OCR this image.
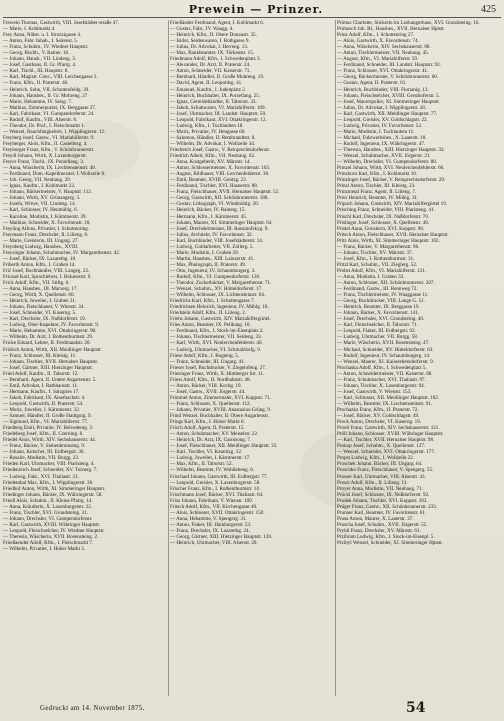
Prewein — Prinzer.	425

Frewein Thomas, Gastwirth, VIII. Josefstädter-straße 47.

— Marie, I. Kohlmarkt 4.

Frey Anna, Nähst. u. I. Strozzigasse 4.

— Anton, Fabr. Inhab., I. Seitenst. 5.

— Franz, Schuhm., IV. Wiedner Hauptstr.

— Georg, Buchb., V. Rainer. 16.

— Johann, Haush., VII. Lindeng. 3.

— Josef, Gasthaus, II. Gr. Pfarrg. 4.

— Karl, Tischl., III. Hauptstr. 8.

— Karl, Magistr. Conc., VIII. Lerchengasse 2.

— Franz, Kfm., II. Praterstr. 46.

— Heinrich, Sohn, VII. Schottenfeldg. 39.

— Johann, Hausbes., II. Gr. Mohreng. 27.

— Marie, Hebamme, IV. Seisg. 7.

— Mathias, Zimmerputzer, IX. Berggasse 27.

— Karl, Fabrikant, VI. Gumpendorferstr. 24.

— Rudolf, Kaufm., VIII. Alserstr. 8.

— Theodor, Dr. Prof., I. Fleischmarkt 1.

— Wenzel, Rauchfangkehrer, I. Wipplingerstr. 12.

Freyberg Josef, Gastw., VI. Mariahilferstr. 9.

Freyberger, Alois, Kfm., II. Castellezg. 4.

Freyburger Franz, Kfm., V. Schönbrunnerstr.

Freydl Johann, Wirth, X. Laxenburgerstr.

Freyer Franz, Tischl., IX. Porzellang. 3.

— Anna, Wäscherin, IX. Liechtensteinstr. 40.

— Ferdinand, Dom.-Kapellmeister, I. Wollzeile 8.

— Joh. Georg, VII. Neubaug. 29.

— Ignaz, Kaufm., I. Kohlmarkt 22.

— Johann, Bäckermeister, V. Hauptstr. 112.

— Johann, Wirth, XV. Grünangerg. 3.

— Josefa, Witwe, VII. Lindeng. 14.

— Karl, Schlosser, IV. Heumühlg. 6.

— Karoline, Modistin, I. Kärntnerstr. 39.

— Mathias, Schneider, X. Favoritenstr. 18.

Freyling Alfons, Privatier, I. Schottenring.

Freymann Franz, Drechsler, II. Lilieng. 8.

— Marie, Greislerin, III. Ungarg. 27.

Freynberg Ludwig, Hausbes., XVIII.

Freysinger Johann, Schuhmacher, IV. Margarethenstr. 42.

— Josef, Bäcker, IX. Lazarethg. 18.

Friberth Anton, Kfm., I. Graben 14.

Frič Josef, Buchhändler, VIII. Langeg. 22.

Fricaud Karl, Sprachlehrer, I. Bräunerstr. 9.

Frick Adolf, Kfm., VII. Stiftg. 6.

— Anna, Hausbes., III. Marxerg. 17.

— Georg, Wirth, X. Quellenstr. 60.

— Heinrich, Juwelier, I. Graben 21.

— Johann, Fleischhauer, V. Wienstr. 34.

— Josef, Schneider, VI. Kaserng. 5.

— Karl, Drechsler, IX. Nußdorferstr. 19.

— Ludwig, Ober-Inspektor, IV. Favoritenstr. 9.

— Marie, Hebamme, XVI. Ottakringerstr. 98.

— Wilhelm, Dr. Arzt, I. Rothenthurmstr. 29.

Fricke Eduard, Lehrer, II. Ferdinandstr. 28.

Fridrich Anton, Wirth, XII. Meidlinger Hauptstr.

— Franz, Schlosser, III. Kleistg. 11.

— Johann, Tischler, XVII. Hernalser Hauptstr.

— Josef, Gärtner, XIII. Hietzinger Hauptstr.

Fried Adolf, Kaufm., II. Taborstr. 12.

— Bernhard, Agent, II. Untere Augartenstr. 5.

— Emil, Advokat, I. Rathhausstr. 11.

— Hermann, Kaufm., I. Salzgries 17.

— Jakob, Fabrikant, IX. Alserbachstr. 4.

— Leopold, Gastwirth, II. Praterstr. 54.

— Moriz, Juwelier, I. Kärntnerstr. 32.

— Samuel, Händler, II. Große Stadtgutg. 9.

— Sigmund, Kfm., VI. Mariahilferstr. 77.

Friedberg Emil, Privatier, IV. Belvedereg. 3.

Friedeberg Josef, Kfm., II. Czerning. 6.

Friedel Alois, Wirth, XIV. Sechshauserstr. 44.

— Franz, Bäcker, V. Siebenbrunneng. 9.

— Johann, Kutscher, III. Erdbergstr. 36.

— Rosalie, Modistin, VII. Burgg. 23.

Frieden Karl, Uhrmacher, VIII. Piaristeng. 4.

Friedenreich Josef, Schneider, XV. Turnerg. 7.

— Ludwig, Fabr., XVI. Thaliastr. 21.

Friedenthal Max, Kfm., I. Wipplingerstr. 30.

Friedhof Anton, Wirth, XI. Simmeringer Hauptstr.

Friedinger Johann, Bäcker, IX. Währingerstr. 58.

Friedl Alois, Schuhm., II. Kleine Pfarrg. 14.

— Anna, Kräutlerin, X. Laxenburgerstr. 22.

— Franz, Tischler, XVI. Grundsteing. 31.

— Johann, Drechsler, VI. Gumpendorferstr.

— Karl, Gastwirth, XVIII. Währinger Hauptstr.

— Leopold, Fleischselcher, IV. Wiedner Hauptstr.

— Theresia, Wäscherin, XVII. Rosensteing. 2.

Friedlaender Adolf, Kfm., I. Fleischmarkt 7.

— Wilhelm, Privatier, I. Hoher Markt 3.

Friedländer Ferdinand, Agent, I. Kohlmarkt 6.

— Gustav, Fabr., IV. Waagg. 4.

— Heinrich, Kfm., II. Obere Donaustr. 35.

— Isidor, Seidenwaren, I. Rothgasse 9.

— Julius, Dr. Advokat, I. Herreng. 13.

— Max, Bankbeamter, IX. Türkenstr. 15.

Friedmann Adolf, Kfm., I. Schwedenplatz 3.

— Alexander, Dr. Arzt, II. Praterstr. 24.

— Anton, Schneider, VII. Kaiserstr. 71.

— Bernhard, Händler, II. Große Mohreng. 19.

— David, Agent, II. Leopoldsg. 41.

— Emanuel, Kaufm., I. Judenplatz 2.

— Heinrich, Buchhalter, IX. Porzellang. 25.

— Ignaz, Getreidehändler, II. Taborstr. 33.

— Jakob, Schuhwaren, VI. Mariahilferstr. 109.

— Josef, Uhrmacher, III. Landstr. Hauptstr. 50.

— Leopold, Fabrikant, XVI. Ottakringerstr. 12.

— Ludwig, Kfm., I. Tuchlauben 18.

— Moriz, Privatier, IV. Heugasse 60.

— Salomon, Händler, II. Rembrandtstr. 8.

— Wilhelm, Dr. Advokat, I. Wollzeile 34.

Friedreich Josef, Gastw., V. Reinprechtsdorferstr.

Friedrich Albert, Kfm., VII. Neubaug. 62.

— Anna, Kostgeberin, XV. Märzstr. 14.

— Anton, Schlossermeister, X. Favoritenstr. 103.

— August, Bildhauer, VIII. Lerchenfelderstr. 36.

— Emil, Beamter, XVIII. Gentzg. 22.

— Ferdinand, Tischler, XVI. Hasnerstr. 88.

— Franz, Fleischhauer, XVII. Hernalser Hauptstr. 52.

— Georg, Gastwirth, XII. Schönbrunnerstr. 188.

— Gustav, Lithograph, VI. Windmühlg. 20.

— Heinrich, Bäcker, IV. Rainerg. 15.

— Hermann, Kfm., I. Kärntnerstr. 45.

— Johann, Maurer, XI. Simmeringer Hauptstr. 64.

— Josef, Drechslermeister, III. Rasumofskyg. 9.

— Julius, Architekt, IV. Favoritenstr. 32.

— Karl, Buchbinder, VIII. Josefstädterstr. 14.

— Ludwig, Goldarbeiter, VII. Zollerg. 5.

— Marie, Modistin, I. Graben 29.

— Martin, Hausbes., XIII. Lainzerstr. 41.

— Max, Photograph, II. Praterstr. 49.

— Otto, Ingenieur, IV. Schaumburgerg. 3.

— Rudolf, Kfm., VI. Gumpendorferstr. 120.

— Theodor, Zuckerbäcker, V. Margarethenstr. 71.

— Wenzel, Schuhm., XV. Hütteldorferstr. 17.

— Wilhelm, Schlosser, IX. Lichtensteinstr. 64.

Friedrichs Karl, Kfm., I. Schottengasse 7.

Friedrichsen Heinrich, Ingenieur, IV. Mühlg. 18.

Friedstein Adolf, Kfm., II. Lilieng. 2.

Friehs Johann, Gastwirth, XIV. Mariahilfergürtel.

Fries Anton, Beamter, IX. Pelikang. 10.

— Ferdinand, Kfm., I. Stock-im-Eisenplatz 2.

— Johann, Tischlermeister, VII. Seideng. 33.

— Karl, Wirth, XVI. Neulerchenfelderstr. 40.

— Ludwig, Uhrmacher, VI. Schmalzhofg. 9.

Friese Adolf, Kfm., I. Bognerg. 5.

— Franz, Schneider, III. Ungarg. 41.

Frieser Josef, Buchdrucker, V. Ziegelofeng. 27.

Friesinger Franz, Wirth, X. Himberger Str. 11.

Friess Adolf, Kfm., II. Nordbahnstr. 48.

— Anton, Bäcker, VIII. Kochg. 19.

— Josef, Gastw., XVII. Jörgerstr. 44.

Frimmel Anton, Zimmermaler, XVI. Koppstr. 71.

— Franz, Schlosser, X. Quellenstr. 112.

— Johann, Privatier, XVIII. Anastasius-Grüng. 9.

Frind Wenzel, Buchhalter, II. Obere Augartenstr.

Frings Karl, Kfm., I. Hoher Markt 8.

Frisch Adolf, Agent, II. Praterstr. 15.

— Anton, Schuhmacher, XV. Meiselstr. 22.

— Heinrich, Dr. Arzt, IX. Garnisong. 7.

— Josef, Fleischhauer, XII. Meidlinger Hauptstr. 33.

— Karl, Tischler, VI. Kaunitzg. 12.

— Ludwig, Juwelier, I. Kärntnerstr. 17.

— Max, Kfm., II. Taborstr. 52.

— Wilhelm, Beamter, IV. Wohllebeng. 6.

Frischauf Johann, Gastwirth, III. Erdbergstr. 77.

— Leopold, Greisler, X. Laxenburgerstr. 58.

Frischer Franz, Kfm., I. Rothenthurmstr. 14.

Frischmann Josef, Bäcker, XVI. Thaliastr. 64.

Frisz Johann, Fabrikant, V. Wienstr. 109.

Fritsch Adolf, Kfm., VII. Kirchengasse 40.

— Alois, Schlosser, XVII. Ottakringerstr. 150.

— Anna, Hebamme, V. Spengerg. 31.

— Anton, Fiaker, III. Hainburgerstr. 53.

— Franz, Drechsler, IX. Lazarethg. 24.

— Georg, Gärtner, XIII. Hietzinger Hauptstr. 120.

— Heinrich, Uhrmacher, VIII. Alserstr. 29.

Primus Charlotte, Stickerin im Loshangerhaus, XVI. Grundsteing. 16.

Primusch Joh. Bl., Hausbes., XVII. Hernalser Hptstr.

Prinz Adolf, Kfm., I. Schottenring 27.

— Alois, Gastwirth, X. Favoritenstr. 74.

— Anna, Wäscherin, XIV. Sechshauserstr. 88.

— Anton, Tischlermeister, VII. Neubaug. 45.

— August, Kfm., VI. Mariahilferstr. 59.

— Ferdinand, Schneider, III. Landstr. Hauptstr. 92.

— Franz, Schlosser, XVI. Ottakringerstr. 41.

— Georg, Bäckermeister, V. Schönbrunnerstr. 60.

— Gustav, Agent, II. Praterstr. 61.

— Heinrich, Buchbinder, VIII. Florianig. 13.

— Johann, Fleischselcher, XVIII. Gersthoferstr. 5.

— Josef, Maurerpolier, XI. Simmeringer Hauptstr.

— Julius, Dr. Advokat, I. Wipplingerstr. 28.

— Karl, Gastwirth, XII. Meidlinger Hauptstr. 77.

— Leopold, Greisler, XV. Goldschlagstr. 22.

— Ludwig, Privatier, IV. Favoritenstr. 52.

— Marie, Modistin, I. Tuchlauben 11.

— Michael, Fuhrwerksbes., X. Laaerstr. 18.

— Rudolf, Ingenieur, IX. Währingerstr. 47.

— Theresia, Hausbes., XIII. Hietzinger Hauptstr. 33.

— Wenzel, Schuhmacher, XVII. Jörgerstr. 21.

— Wilhelm, Drechsler, VI. Gumpendorferstr. 88.

Prinzel Johann, Wirth, XVI. Neulerchenfelderstr. 66.

Prinzhorn Karl, Kfm., I. Kohlmarkt 10.

Prinzinger Josef, Bäcker, V. Reinprechtsdorferstr. 29.

Prinzl Anton, Tischler, III. Kleistg. 23.

Prinzmetal Franz, Agent, II. Lilieng. 7.

Prior Heinrich, Beamter, IV. Mühlg. 31.

Pripach Johann, Gastwirth, XIV. Mariahilfergürtel 19.

Prisching Franz, Schneider, VIII. Piaristeng. 41.

Prischl Karl, Drechsler, IX. Nußdorferstr. 70.

Prislinger Josef, Schlosser, X. Quellenstr. 48.

Pristel Anna, Greislerin, XVI. Koppstr. 90.

Pritsch Anton, Fleischhauer, XVII. Hernalser Hauptstr.

Pritz Alois, Wirth, XI. Simmeringer Hauptstr. 102.

— Franz, Bäcker, V. Margarethenstr. 96.

— Johann, Tischler, XV. Märzstr. 37.

— Josef, Kfm., I. Rothenthurmstr. 31.

Pritzl Karl, Schuhm., VII. Zieglerg. 52.

Probst Adolf, Kfm., VI. Mariahilferstr. 131.

— Anna, Modistin, I. Graben 33.

— Anton, Schlosser, XII. Schönbrunnerstr. 207.

— Ferdinand, Gastw., III. Rennweg 72.

— Franz, Tischlermeister, IV. Waaggasse 11.

— Georg, Buchdrucker, VIII. Lange G. 51.

— Heinrich, Beamter, IX. Berggasse 19.

— Johann, Bäcker, X. Favoritenstr. 141.

— Josef, Drechsler, XVI. Grundsteing. 40.

— Karl, Fleischselcher, II. Taborstr. 71.

— Leopold, Fiaker, III. Erdbergstr. 92.

— Ludwig, Uhrmacher, VII. Burgg. 58.

— Marie, Wäscherin, XVII. Rosensteing. 47.

— Michael, Schneider, XV. Hütteldorferstr. 63.

— Rudolf, Ingenieur, IV. Schaumburgerg. 14.

— Wenzel, Maurer, XI. Kaiserebersdorferstr. 9.

Prochaska Adolf, Kfm., I. Schwedenplatz 5.

— Anton, Schneidermeister, VII. Kaiserstr. 88.

— Franz, Schuhmacher, XVI. Thaliastr. 97.

— Johann, Tischler, X. Laxenburgerstr. 94.

— Josef, Gastwirth, V. Wienstr. 153.

— Karl, Schlosser, XII. Meidlinger Hauptstr. 102.

— Wilhelm, Beamter, IX. Liechtensteinstr. 91.

Prochazka Franz, Kfm., II. Praterstr. 72.

— Josef, Bäcker, XV. Goldschlagstr. 49.

Prock Anton, Drechsler, VI. Kaserng. 19.

Proell Franz, Gastwirth, XIV. Sechshauserstr. 121.

Pröll Johann, Schlosser, XVIII. Währinger Hauptstr.

— Karl, Tischler, XVII. Hernalser Hauptstr. 98.

Prokop Josef, Schuhm., X. Quellenstr. 127.

— Wenzel, Schneider, XVI. Ottakringerstr. 177.

Propst Ludwig, Kfm., I. Wollzeile 22.

Proschek Johann, Bäcker, III. Ungarg. 64.

Proschko Franz, Fleischhauer, V. Spengerg. 55.

Prosser Karl, Uhrmacher, VIII. Alserstr. 43.

Proszt Adolf, Kfm., II. Lilieng. 11.

Proyer Anna, Modistin, VII. Neubaug. 71.

Prückl Josef, Schlosser, IX. Nußdorferstr. 92.

Prudek Johann, Tischler, XVI. Koppstr. 103.

Prüger Franz, Gastw., XII. Schönbrunnerstr. 233.

Prunner Karl, Beamter, IV. Favoritenstr. 61.

Prusa Anton, Maurer, X. Laaerstr. 37.

Pruscha Josef, Schuhm., XVII. Jörgerstr. 55.

Prybil Franz, Drechsler, XV. Märzstr. 61.

Przibram Ludwig, Kfm., I. Stock-im-Eisenpl. 5.

Przibyl Wenzel, Schneider, XI. Simmeringer Hptstr.

Gedruckt am 14. November 1875.	54
